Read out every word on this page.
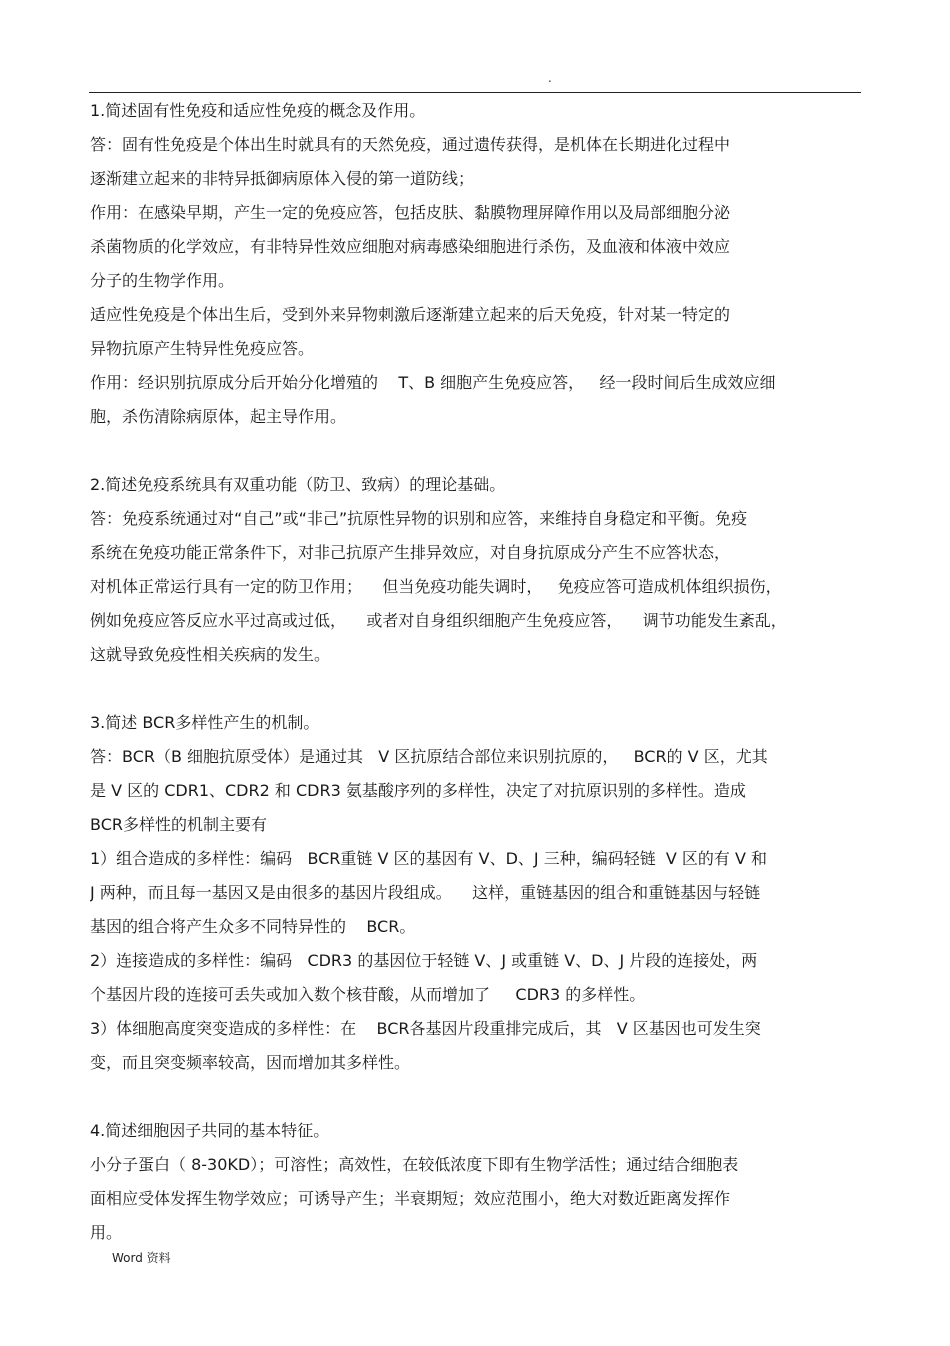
.
1.简述固有性免疫和适应性免疫的概念及作用。
答：固有性免疫是个体出生时就具有的天然免疫，通过遗传获得，是机体在长期进化过程中
逐渐建立起来的非特异抵御病原体入侵的第一道防线；
作用：在感染早期，产生一定的免疫应答，包括皮肤、黏膜物理屏障作用以及局部细胞分泌
杀菌物质的化学效应，有非特异性效应细胞对病毒感染细胞进行杀伤，及血液和体液中效应
分子的生物学作用。
适应性免疫是个体出生后，受到外来异物刺激后逐渐建立起来的后天免疫，针对某一特定的
异物抗原产生特异性免疫应答。
作用：经识别抗原成分后开始分化增殖的    T、B 细胞产生免疫应答，   经一段时间后生成效应细
胞，杀伤清除病原体，起主导作用。
2.简述免疫系统具有双重功能（防卫、致病）的理论基础。
答：免疫系统通过对“自己”或“非己”抗原性异物的识别和应答，来维持自身稳定和平衡。免疫
系统在免疫功能正常条件下，对非己抗原产生排异效应，对自身抗原成分产生不应答状态，
对机体正常运行具有一定的防卫作用；    但当免疫功能失调时，   免疫应答可造成机体组织损伤，
例如免疫应答反应水平过高或过低，    或者对自身组织细胞产生免疫应答，    调节功能发生紊乱，
这就导致免疫性相关疾病的发生。
3.简述 BCR多样性产生的机制。
答：BCR（B 细胞抗原受体）是通过其   V 区抗原结合部位来识别抗原的，   BCR的 V 区，尤其
是 V 区的 CDR1、CDR2 和 CDR3 氨基酸序列的多样性，决定了对抗原识别的多样性。造成
BCR多样性的机制主要有
1）组合造成的多样性：编码   BCR重链 V 区的基因有 V、D、J 三种，编码轻链  V 区的有 V 和
J 两种，而且每一基因又是由很多的基因片段组成。    这样，重链基因的组合和重链基因与轻链
基因的组合将产生众多不同特异性的    BCR。
2）连接造成的多样性：编码   CDR3 的基因位于轻链 V、J 或重链 V、D、J 片段的连接处，两
个基因片段的连接可丢失或加入数个核苷酸，从而增加了     CDR3 的多样性。
3）体细胞高度突变造成的多样性：在    BCR各基因片段重排完成后，其   V 区基因也可发生突
变，而且突变频率较高，因而增加其多样性。
4.简述细胞因子共同的基本特征。
小分子蛋白（ 8-30KD）；可溶性；高效性，在较低浓度下即有生物学活性；通过结合细胞表
面相应受体发挥生物学效应；可诱导产生；半衰期短；效应范围小，绝大对数近距离发挥作
用。
Word 资料
